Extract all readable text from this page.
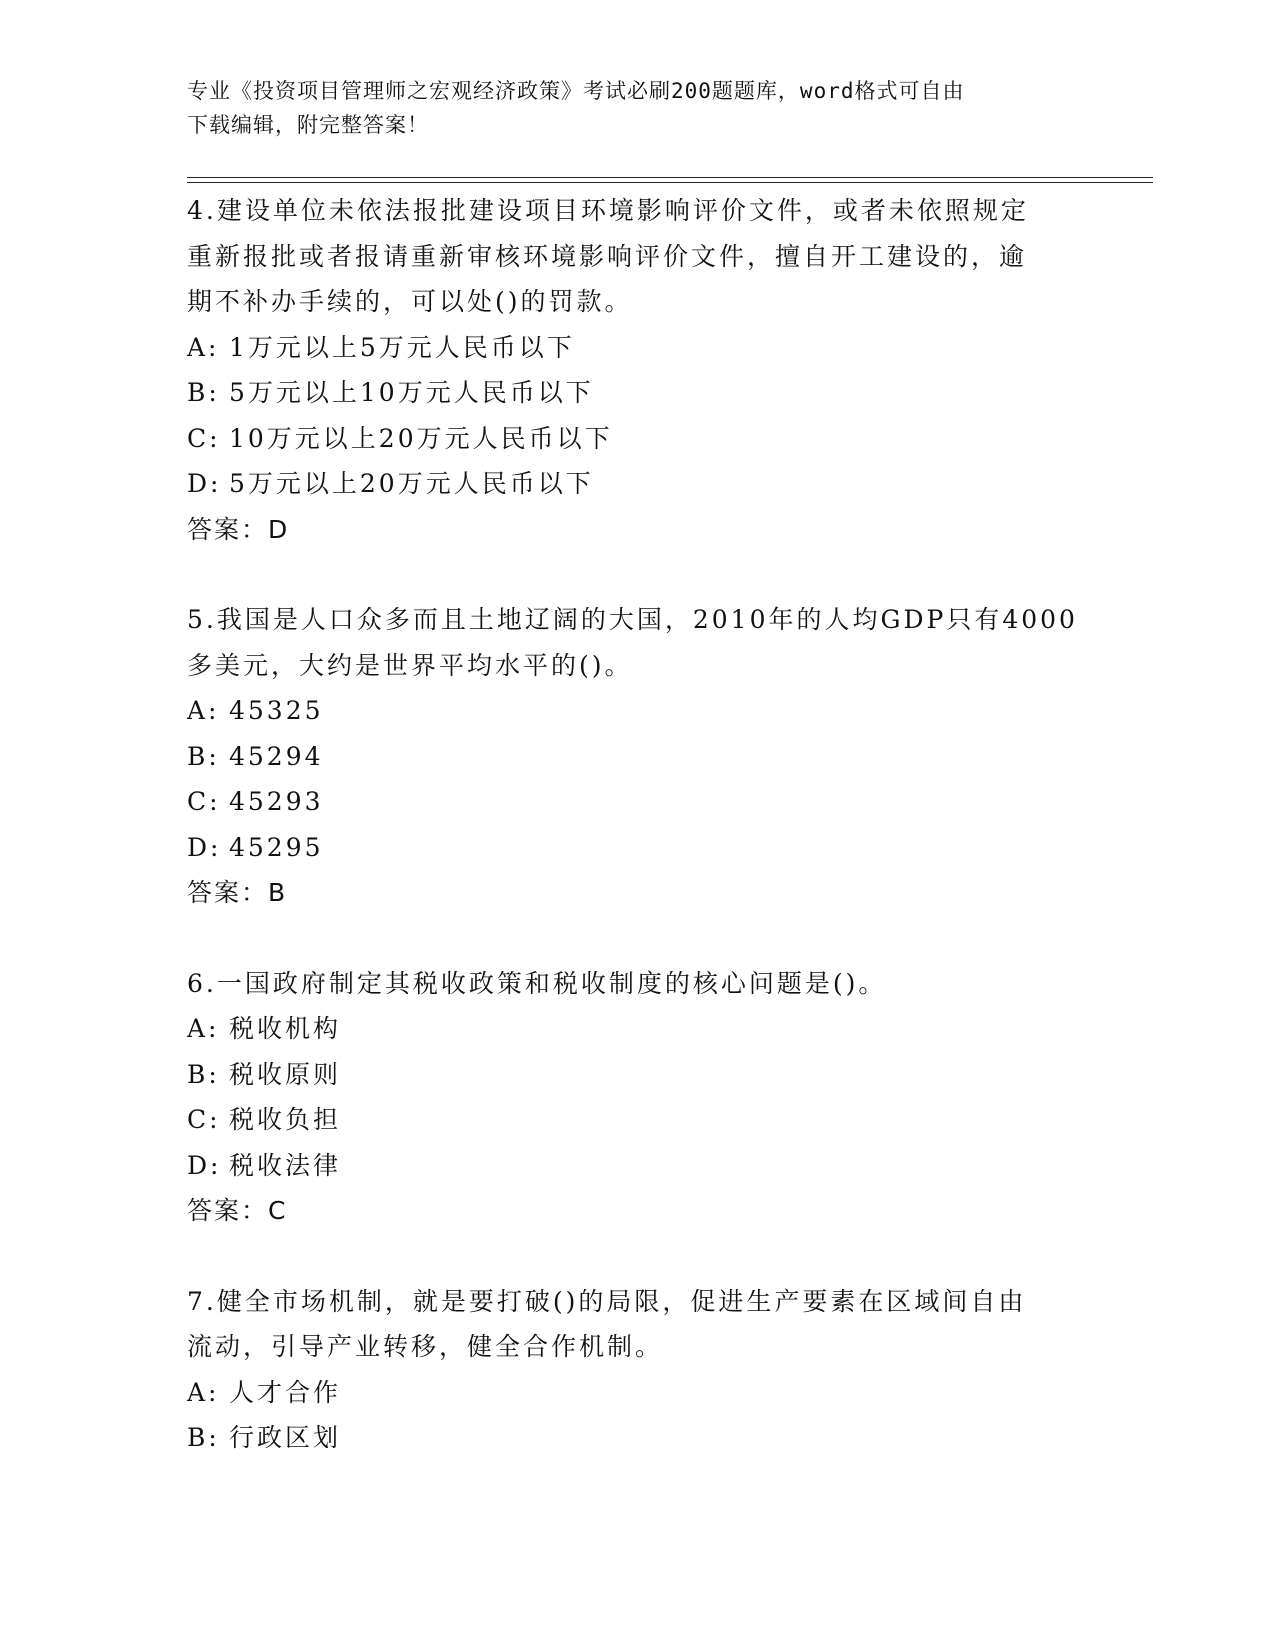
专业《投资项目管理师之宏观经济政策》考试必刷200题题库，word格式可自由
下载编辑，附完整答案！

4.建设单位未依法报批建设项目环境影响评价文件，或者未依照规定

重新报批或者报请重新审核环境影响评价文件，擅自开工建设的，逾

期不补办手续的，可以处()的罚款。

A: 1万元以上5万元人民币以下

B: 5万元以上10万元人民币以下

C: 10万元以上20万元人民币以下

D: 5万元以上20万元人民币以下

答案：D

5.我国是人口众多而且土地辽阔的大国，2010年的人均GDP只有4000

多美元，大约是世界平均水平的()。

A: 45325

B: 45294

C: 45293

D: 45295

答案：B

6.一国政府制定其税收政策和税收制度的核心问题是()。

A: 税收机构

B: 税收原则

C: 税收负担

D: 税收法律

答案：C

7.健全市场机制，就是要打破()的局限，促进生产要素在区域间自由

流动，引导产业转移，健全合作机制。

A: 人才合作

B: 行政区划
